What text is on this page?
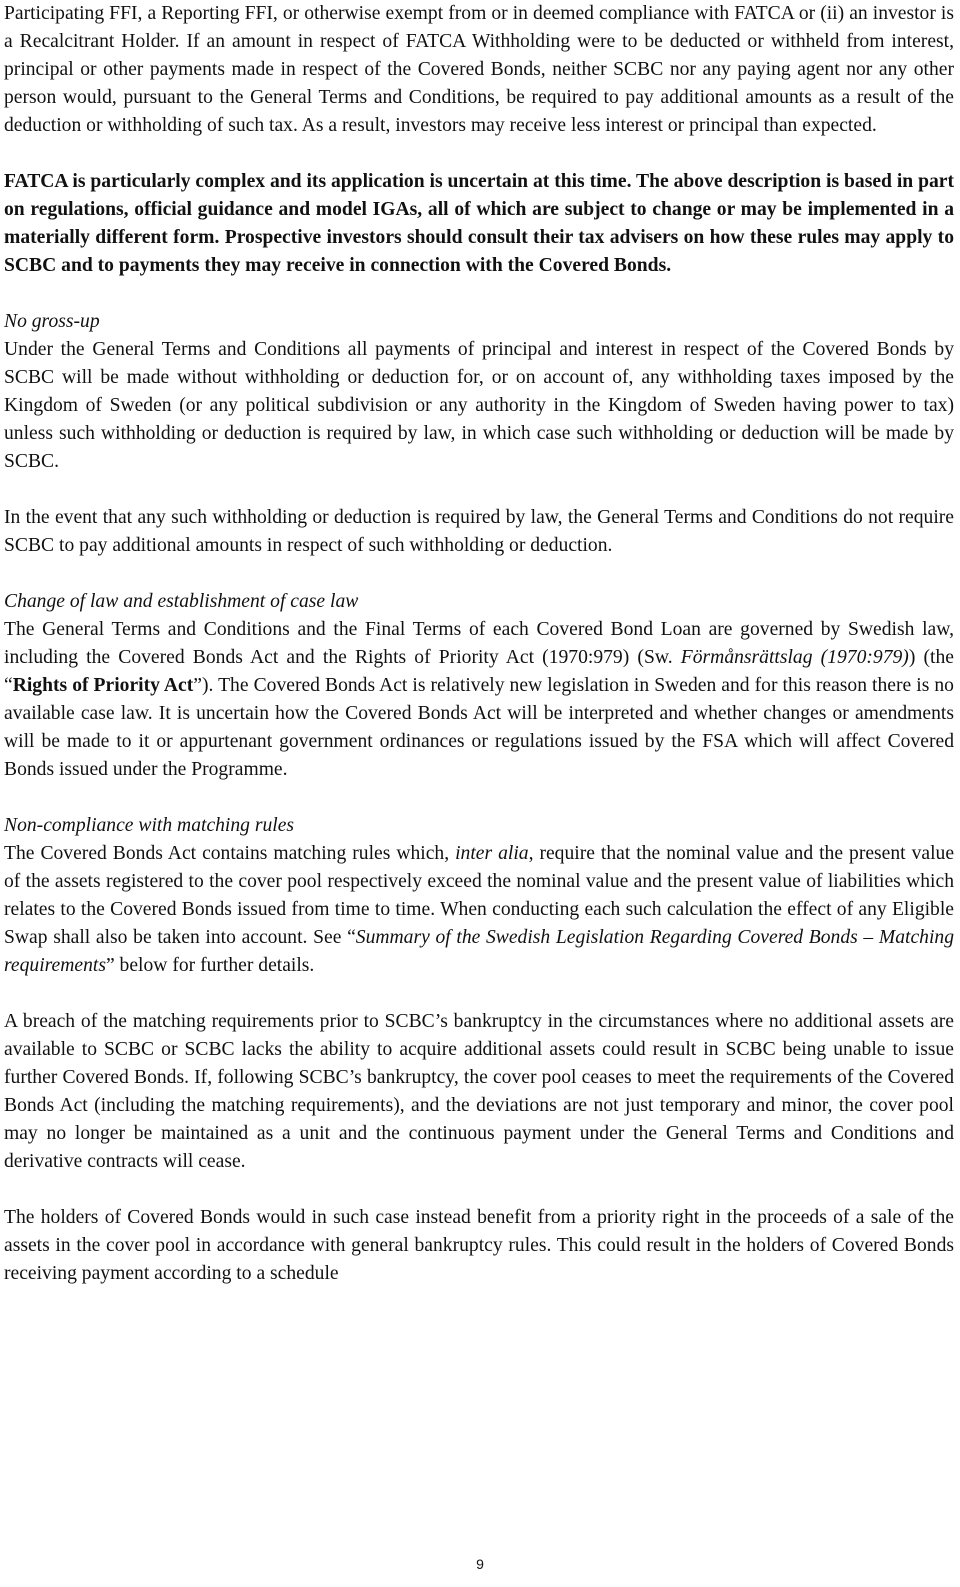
Participating FFI, a Reporting FFI, or otherwise exempt from or in deemed compliance with FATCA or (ii) an investor is a Recalcitrant Holder. If an amount in respect of FATCA Withholding were to be deducted or withheld from interest, principal or other payments made in respect of the Covered Bonds, neither SCBC nor any paying agent nor any other person would, pursuant to the General Terms and Conditions, be required to pay additional amounts as a result of the deduction or withholding of such tax. As a result, investors may receive less interest or principal than expected.

FATCA is particularly complex and its application is uncertain at this time. The above description is based in part on regulations, official guidance and model IGAs, all of which are subject to change or may be implemented in a materially different form. Prospective investors should consult their tax advisers on how these rules may apply to SCBC and to payments they may receive in connection with the Covered Bonds.

No gross-up

Under the General Terms and Conditions all payments of principal and interest in respect of the Covered Bonds by SCBC will be made without withholding or deduction for, or on account of, any withholding taxes imposed by the Kingdom of Sweden (or any political subdivision or any authority in the Kingdom of Sweden having power to tax) unless such withholding or deduction is required by law, in which case such withholding or deduction will be made by SCBC.

In the event that any such withholding or deduction is required by law, the General Terms and Conditions do not require SCBC to pay additional amounts in respect of such withholding or deduction.

Change of law and establishment of case law

The General Terms and Conditions and the Final Terms of each Covered Bond Loan are governed by Swedish law, including the Covered Bonds Act and the Rights of Priority Act (1970:979) (Sw. Förmånsrättslag (1970:979)) (the “Rights of Priority Act”). The Covered Bonds Act is relatively new legislation in Sweden and for this reason there is no available case law. It is uncertain how the Covered Bonds Act will be interpreted and whether changes or amendments will be made to it or appurtenant government ordinances or regulations issued by the FSA which will affect Covered Bonds issued under the Programme.

Non-compliance with matching rules

The Covered Bonds Act contains matching rules which, inter alia, require that the nominal value and the present value of the assets registered to the cover pool respectively exceed the nominal value and the present value of liabilities which relates to the Covered Bonds issued from time to time. When conducting each such calculation the effect of any Eligible Swap shall also be taken into account. See “Summary of the Swedish Legislation Regarding Covered Bonds – Matching requirements” below for further details.

A breach of the matching requirements prior to SCBC’s bankruptcy in the circumstances where no additional assets are available to SCBC or SCBC lacks the ability to acquire additional assets could result in SCBC being unable to issue further Covered Bonds. If, following SCBC’s bankruptcy, the cover pool ceases to meet the requirements of the Covered Bonds Act (including the matching requirements), and the deviations are not just temporary and minor, the cover pool may no longer be maintained as a unit and the continuous payment under the General Terms and Conditions and derivative contracts will cease.

The holders of Covered Bonds would in such case instead benefit from a priority right in the proceeds of a sale of the assets in the cover pool in accordance with general bankruptcy rules. This could result in the holders of Covered Bonds receiving payment according to a schedule

9
